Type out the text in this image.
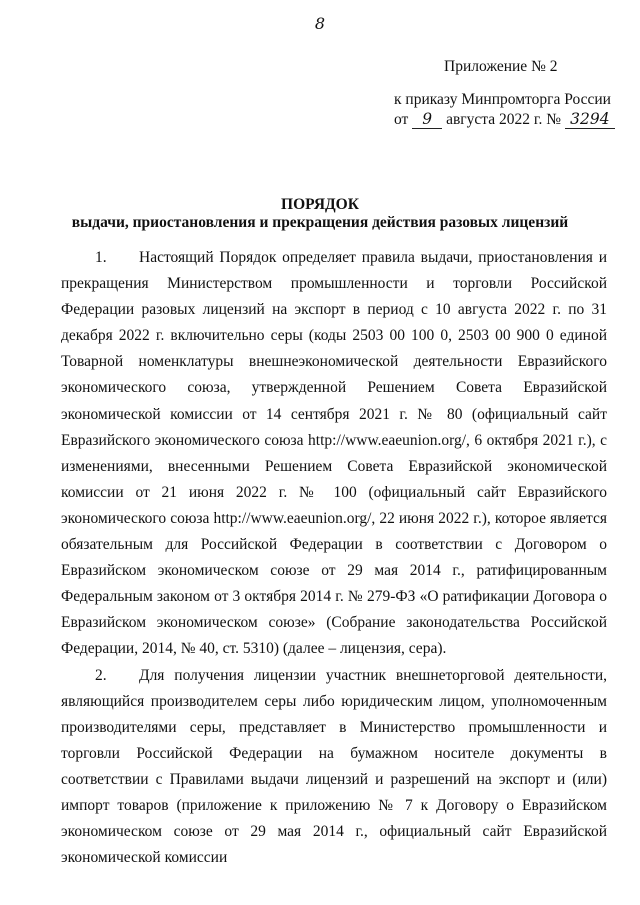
8
Приложение № 2
к приказу Минпромторга России
от 9 августа 2022 г. № 3294
ПОРЯДОК
выдачи, приостановления и прекращения действия разовых лицензий

1. Настоящий Порядок определяет правила выдачи, приостановления и прекращения Министерством промышленности и торговли Российской Федерации разовых лицензий на экспорт в период с 10 августа 2022 г. по 31 декабря 2022 г. включительно серы (коды 2503 00 100 0, 2503 00 900 0 единой Товарной номенклатуры внешнеэкономической деятельности Евразийского экономического союза, утвержденной Решением Совета Евразийской экономической комиссии от 14 сентября 2021 г. № 80 (официальный сайт Евразийского экономического союза http://www.eaeunion.org/, 6 октября 2021 г.), с изменениями, внесенными Решением Совета Евразийской экономической комиссии от 21 июня 2022 г. № 100 (официальный сайт Евразийского экономического союза http://www.eaeunion.org/, 22 июня 2022 г.), которое является обязательным для Российской Федерации в соответствии с Договором о Евразийском экономическом союзе от 29 мая 2014 г., ратифицированным Федеральным законом от 3 октября 2014 г. № 279-ФЗ «О ратификации Договора о Евразийском экономическом союзе» (Собрание законодательства Российской Федерации, 2014, № 40, ст. 5310) (далее – лицензия, сера).

2. Для получения лицензии участник внешнеторговой деятельности, являющийся производителем серы либо юридическим лицом, уполномоченным производителями серы, представляет в Министерство промышленности и торговли Российской Федерации на бумажном носителе документы в соответствии с Правилами выдачи лицензий и разрешений на экспорт и (или) импорт товаров (приложение к приложению № 7 к Договору о Евразийском экономическом союзе от 29 мая 2014 г., официальный сайт Евразийской экономической комиссии
